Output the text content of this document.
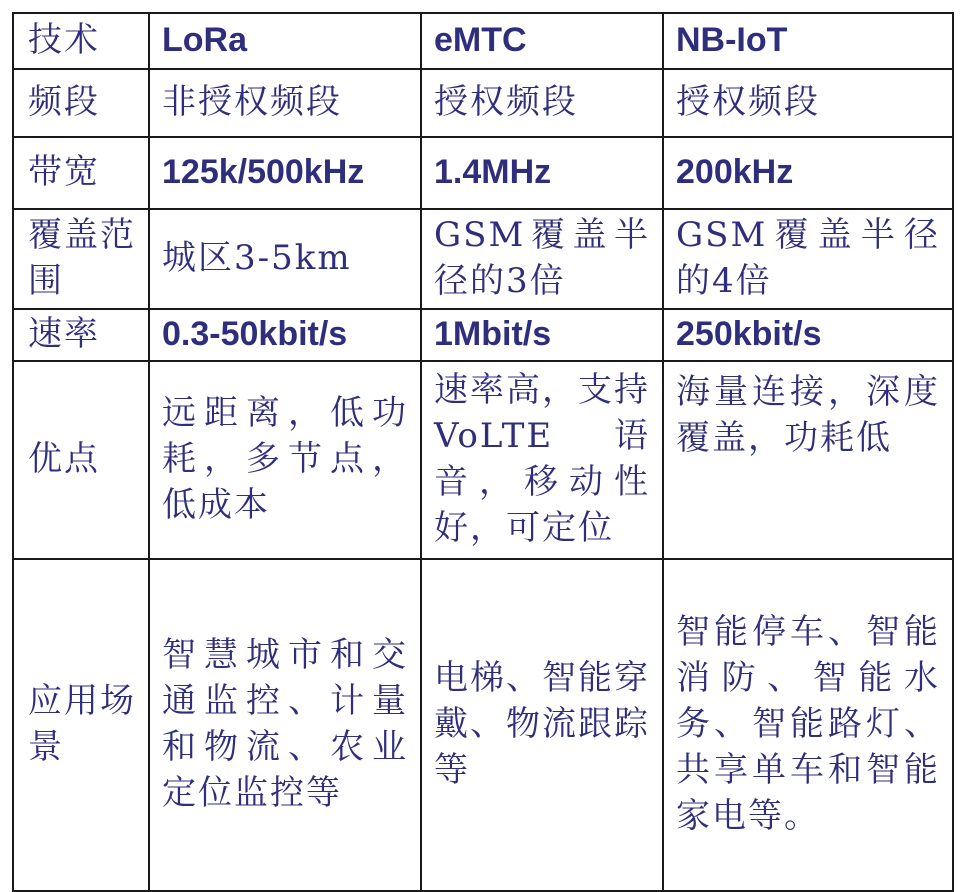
技术	LoRa	eMTC	NB-IoT
频段	非授权频段	授权频段	授权频段
带宽	125k/500kHz	1.4MHz	200kHz
覆盖范围	城区3-5km	GSM覆盖半径的3倍	GSM覆盖半径的4倍
速率	0.3-50kbit/s	1Mbit/s	250kbit/s
优点	远距离，低功耗，多节点，低成本	速率高，支持VoLTE语音，移动性好，可定位	海量连接，深度覆盖，功耗低
应用场景	智慧城市和交通监控、计量和物流、农业定位监控等	电梯、智能穿戴、物流跟踪等	智能停车、智能消防、智能水务、智能路灯、共享单车和智能家电等。
